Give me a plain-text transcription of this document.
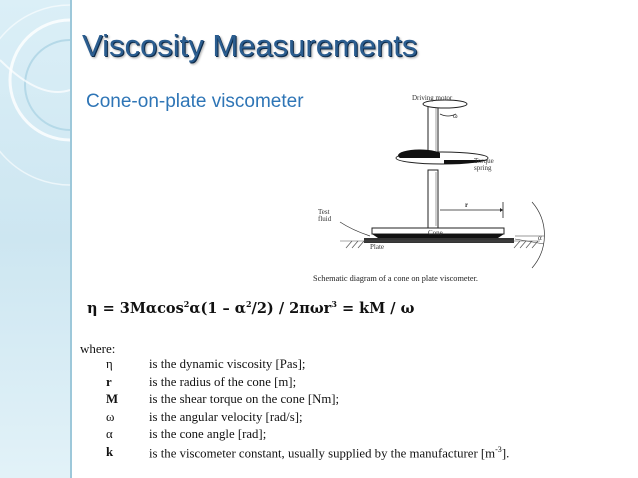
Viscosity Measurements

Cone-on-plate viscometer	Driving motor
ω
Torque
spring
Test
fluid
r
Cone
Plate
α
Schematic diagram of a cone on plate viscometer.
$\eta = 3M\alpha\cos^2\alpha(1 - \alpha^2/2) / 2\pi\omega r^3$ = kM / ω
where:
η	is the dynamic viscosity [Pas];
r	is the radius of the cone [m];
M is the shear torque on the cone [Nm];
ω	is the angular velocity [rad/s];
α	is the cone angle [rad];
k	is the viscometer constant, usually supplied by the manufacturer $[m^{-3}]$.
